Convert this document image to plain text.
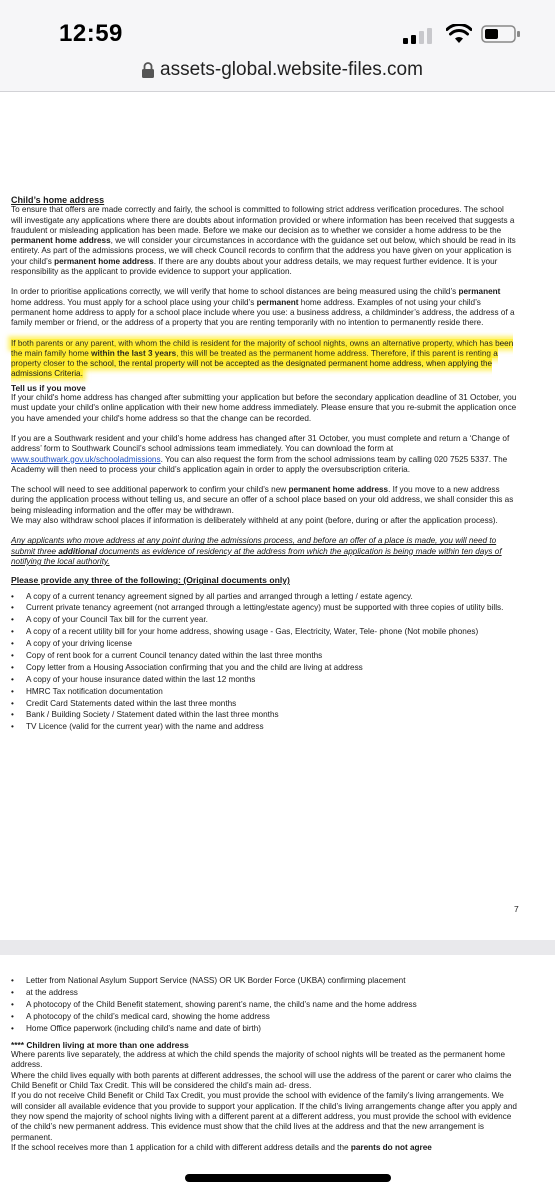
12:59
assets-global.website-files.com

Child’s home address

To ensure that offers are made correctly and fairly, the school is committed to following strict address verification procedures. The school will investigate any applications where there are doubts about information provided or where information has been received that suggests a fraudulent or misleading application has been made. Before we make our decision as to whether we consider a home address to be the permanent home address, we will consider your circumstances in accordance with the guidance set out below, which should be read in its entirety. As part of the admissions process, we will check Council records to confirm that the address you have given on your application is your child’s permanent home address. If there are any doubts about your address details, we may request further evidence. It is your responsibility as the applicant to provide evidence to support your application.

In order to prioritise applications correctly, we will verify that home to school distances are being measured using the child’s permanent home address. You must apply for a school place using your child’s permanent home address. Examples of not using your child’s permanent home address to apply for a school place include where you use: a business address, a childminder’s address, the address of a family member or friend, or the address of a property that you are renting temporarily with no intention to permanently reside there.

If both parents or any parent, with whom the child is resident for the majority of school nights, owns an alternative property, which has been the main family home within the last 3 years, this will be treated as the permanent home address. Therefore, if this parent is renting a property closer to the school, the rental property will not be accepted as the designated permanent home address, when applying the admissions Criteria.

Tell us if you move

If your child's home address has changed after submitting your application but before the secondary application deadline of 31 October, you must update your child's online application with their new home address immediately. Please ensure that you re-submit the application once you have amended your child's home address so that the change can be recorded.

If you are a Southwark resident and your child’s home address has changed after 31 October, you must complete and return a ‘Change of address’ form to Southwark Council’s school admissions team immediately. You can download the form at www.southwark.gov.uk/schooladmissions. You can also request the form from the school admissions team by calling 020 7525 5337. The Academy will then need to process your child’s application again in order to apply the oversubscription criteria.

The school will need to see additional paperwork to confirm your child’s new permanent home address. If you move to a new address during the application process without telling us, and secure an offer of a school place based on your old address, we shall consider this as being misleading information and the offer may be withdrawn.

We may also withdraw school places if information is deliberately withheld at any point (before, during or after the application process).

Any applicants who move address at any point during the admissions process, and before an offer of a place is made, you will need to submit three additional documents as evidence of residency at the address from which the application is being made within ten days of notifying the local authority.

Please provide any three of the following: (Original documents only)

• A copy of a current tenancy agreement signed by all parties and arranged through a letting / estate agency.
• Current private tenancy agreement (not arranged through a letting/estate agency) must be supported with three copies of utility bills.
• A copy of your Council Tax bill for the current year.
• A copy of a recent utility bill for your home address, showing usage - Gas, Electricity, Water, Tele- phone (Not mobile phones)
• A copy of your driving license
• Copy of rent book for a current Council tenancy dated within the last three months
• Copy letter from a Housing Association confirming that you and the child are living at address
• A copy of your house insurance dated within the last 12 months
• HMRC Tax notification documentation
• Credit Card Statements dated within the last three months
• Bank / Building Society / Statement dated within the last three months
• TV Licence (valid for the current year) with the name and address
7
• Letter from National Asylum Support Service (NASS) OR UK Border Force (UKBA) confirming placement
• at the address
• A photocopy of the Child Benefit statement, showing parent’s name, the child’s name and the home address
• A photocopy of the child’s medical card, showing the home address
• Home Office paperwork (including child’s name and date of birth)

**** Children living at more than one address

Where parents live separately, the address at which the child spends the majority of school nights will be treated as the permanent home address.

Where the child lives equally with both parents at different addresses, the school will use the address of the parent or carer who claims the Child Benefit or Child Tax Credit. This will be considered the child’s main ad- dress.

If you do not receive Child Benefit or Child Tax Credit, you must provide the school with evidence of the family’s living arrangements. We will consider all available evidence that you provide to support your application. If the child’s living arrangements change after you apply and they now spend the majority of school nights living with a different parent at a different address, you must provide the school with evidence of the child’s new permanent address. This evidence must show that the child lives at the address and that the new arrangement is permanent.

If the school receives more than 1 application for a child with different address details and the parents do not agree
